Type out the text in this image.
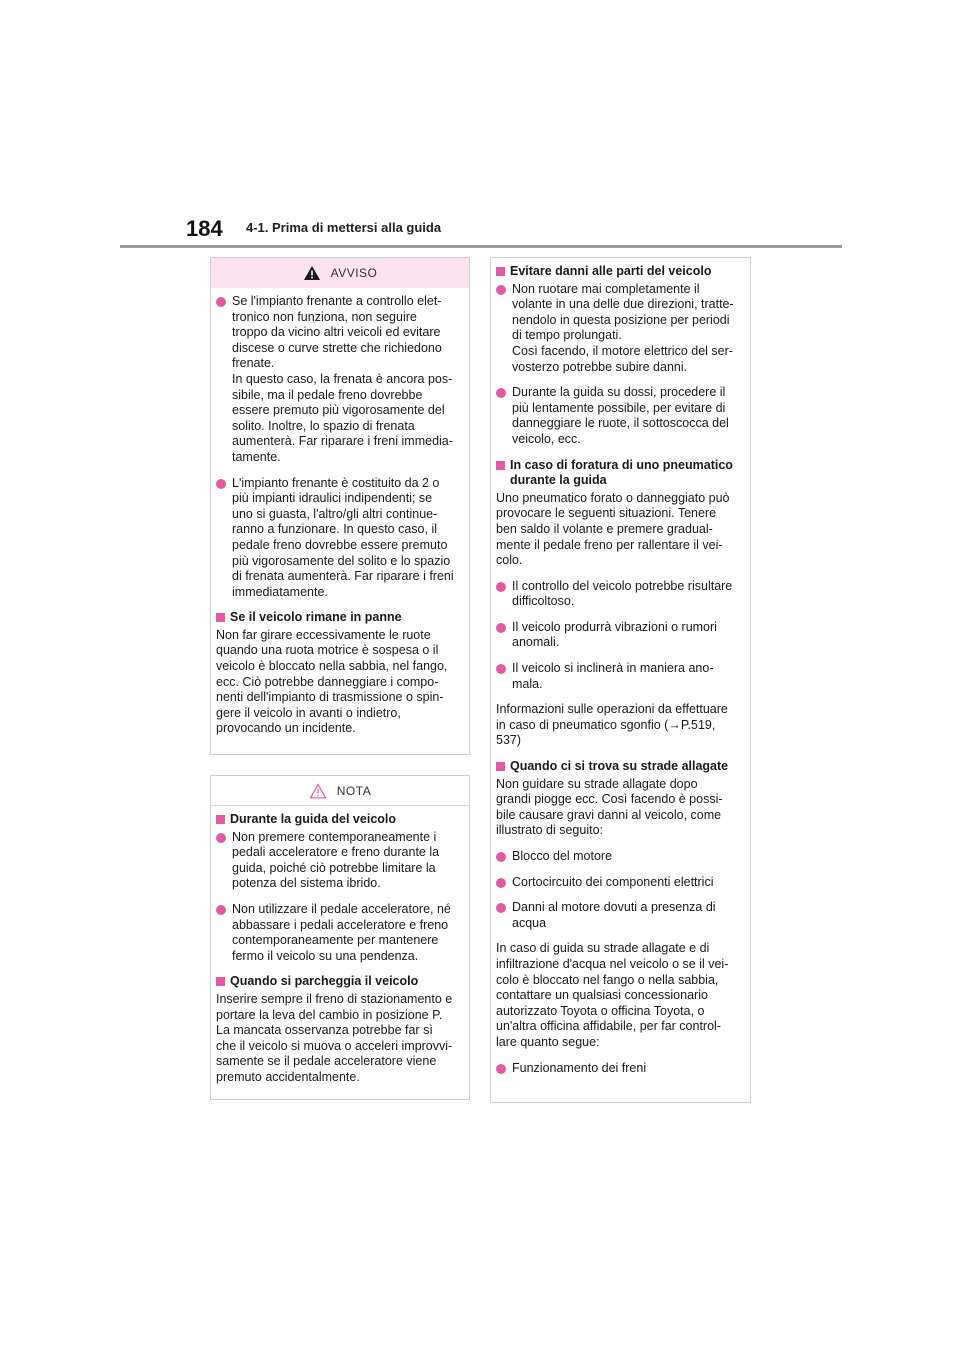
184 4-1. Prima di mettersi alla guida
AVVISO
Se l'impianto frenante a controllo elet-
tronico non funziona, non seguire
troppo da vicino altri veicoli ed evitare
discese o curve strette che richiedono
frenate.
In questo caso, la frenata è ancora pos-
sibile, ma il pedale freno dovrebbe
essere premuto più vigorosamente del
solito. Inoltre, lo spazio di frenata
aumenterà. Far riparare i freni immedia-
tamente.
L'impianto frenante è costituito da 2 o
più impianti idraulici indipendenti; se
uno si guasta, l'altro/gli altri continue-
ranno a funzionare. In questo caso, il
pedale freno dovrebbe essere premuto
più vigorosamente del solito e lo spazio
di frenata aumenterà. Far riparare i freni
immediatamente.
Se il veicolo rimane in panne
Non far girare eccessivamente le ruote
quando una ruota motrice è sospesa o il
veicolo è bloccato nella sabbia, nel fango,
ecc. Ciò potrebbe danneggiare i compo-
nenti dell'impianto di trasmissione o spin-
gere il veicolo in avanti o indietro,
provocando un incidente.
NOTA
Durante la guida del veicolo
Non premere contemporaneamente i
pedali acceleratore e freno durante la
guida, poiché ciò potrebbe limitare la
potenza del sistema ibrido.
Non utilizzare il pedale acceleratore, né
abbassare i pedali acceleratore e freno
contemporaneamente per mantenere
fermo il veicolo su una pendenza.
Quando si parcheggia il veicolo
Inserire sempre il freno di stazionamento e
portare la leva del cambio in posizione P.
La mancata osservanza potrebbe far sì
che il veicolo si muova o acceleri improvvi-
samente se il pedale acceleratore viene
premuto accidentalmente.
Evitare danni alle parti del veicolo
Non ruotare mai completamente il
volante in una delle due direzioni, tratte-
nendolo in questa posizione per periodi
di tempo prolungati.
Così facendo, il motore elettrico del ser-
vosterzo potrebbe subire danni.
Durante la guida su dossi, procedere il
più lentamente possibile, per evitare di
danneggiare le ruote, il sottoscocca del
veicolo, ecc.
In caso di foratura di uno pneumatico
durante la guida
Uno pneumatico forato o danneggiato può
provocare le seguenti situazioni. Tenere
ben saldo il volante e premere gradual-
mente il pedale freno per rallentare il vei-
colo.
Il controllo del veicolo potrebbe risultare
difficoltoso.
Il veicolo produrrà vibrazioni o rumori
anomali.
Il veicolo si inclinerà in maniera ano-
mala.
Informazioni sulle operazioni da effettuare
in caso di pneumatico sgonfio (→P.519,
537)
Quando ci si trova su strade allagate
Non guidare su strade allagate dopo
grandi piogge ecc. Così facendo è possi-
bile causare gravi danni al veicolo, come
illustrato di seguito:
Blocco del motore
Cortocircuito dei componenti elettrici
Danni al motore dovuti a presenza di
acqua
In caso di guida su strade allagate e di
infiltrazione d'acqua nel veicolo o se il vei-
colo è bloccato nel fango o nella sabbia,
contattare un qualsiasi concessionario
autorizzato Toyota o officina Toyota, o
un'altra officina affidabile, per far control-
lare quanto segue:
Funzionamento dei freni
